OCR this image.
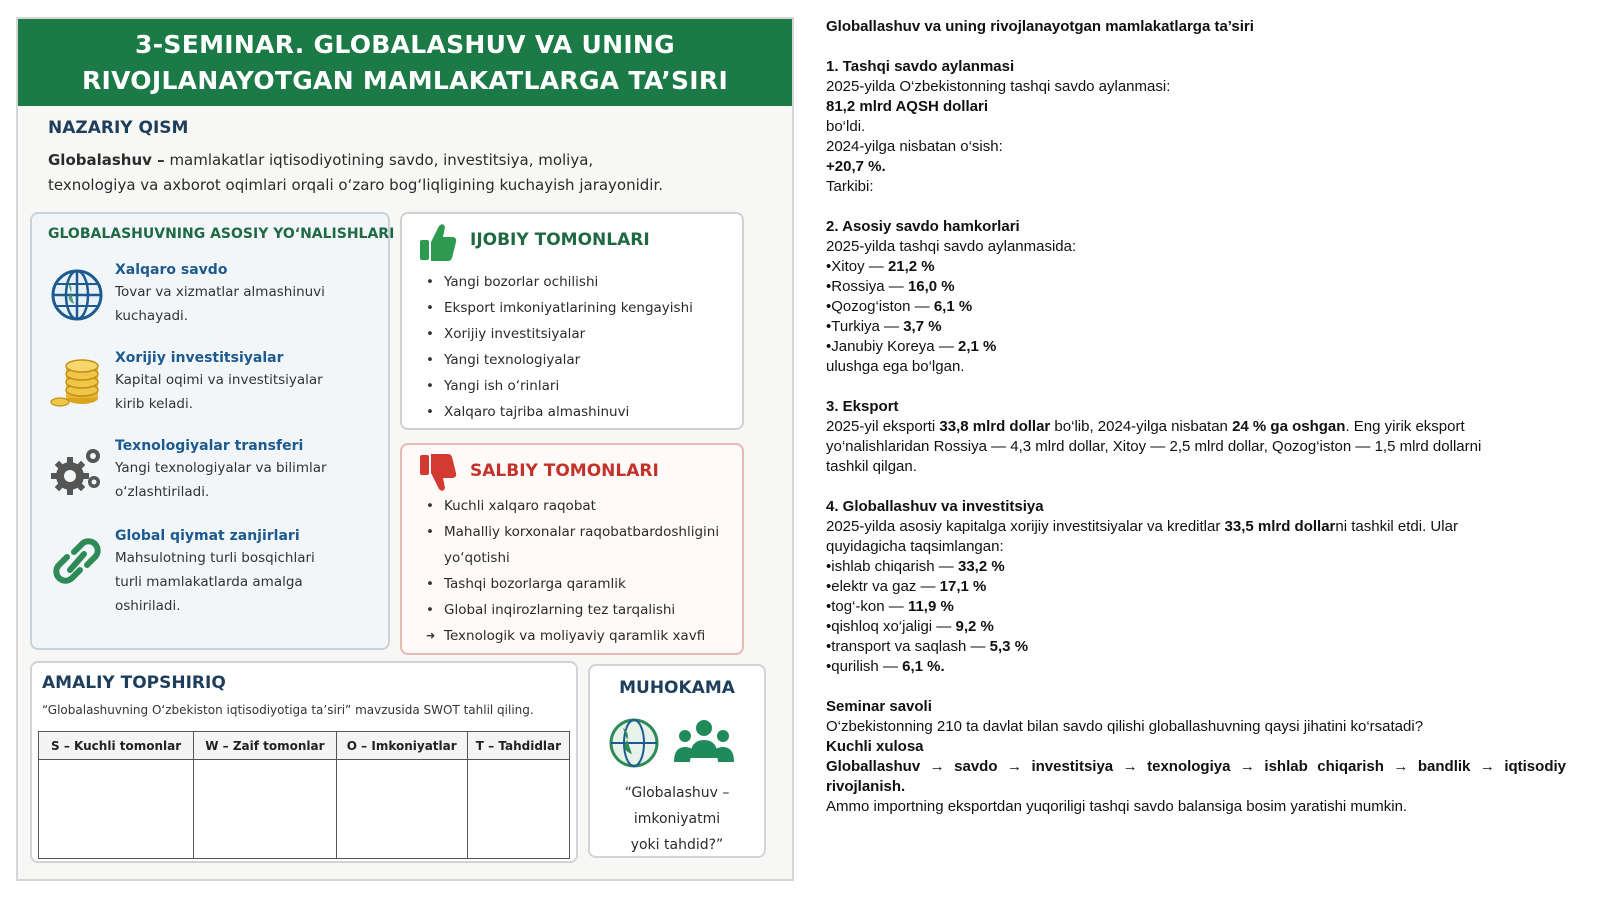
3-SEMINAR. GLOBALASHUV VA UNING
RIVOJLANAYOTGAN MAMLAKATLARGA TA’SIRI
NAZARIY QISM
Globalashuv – mamlakatlar iqtisodiyotining savdo, investitsiya, moliya,
texnologiya va axborot oqimlari orqali o‘zaro bog‘liqligining kuchayish jarayonidir.
GLOBALASHUVNING ASOSIY YO‘NALISHLARI
Xalqaro savdo
Tovar va xizmatlar almashinuvi
kuchayadi.
Xorijiy investitsiyalar
Kapital oqimi va investitsiyalar
kirib keladi.
Texnologiyalar transferi
Yangi texnologiyalar va bilimlar
o‘zlashtiriladi.
Global qiymat zanjirlari
Mahsulotning turli bosqichlari
turli mamlakatlarda amalga
oshiriladi.
IJOBIY TOMONLARI
• Yangi bozorlar ochilishi
• Eksport imkoniyatlarining kengayishi
• Xorijiy investitsiyalar
• Yangi texnologiyalar
• Yangi ish o‘rinlari
• Xalqaro tajriba almashinuvi
SALBIY TOMONLARI
• Kuchli xalqaro raqobat
• Mahalliy korxonalar raqobatbardoshligini
yo‘qotishi
• Tashqi bozorlarga qaramlik
• Global inqirozlarning tez tarqalishi
➜ Texnologik va moliyaviy qaramlik xavfi
AMALIY TOPSHIRIQ
“Globalashuvning O‘zbekiston iqtisodiyotiga ta’siri” mavzusida SWOT tahlil qiling.
S – Kuchli tomonlar	W – Zaif tomonlar	O – Imkoniyatlar	T – Tahdidlar

MUHOKAMA
“Globalashuv –
imkoniyatmi
yoki tahdid?”

Globallashuv va uning rivojlanayotgan mamlakatlarga ta’siri

1. Tashqi savdo aylanmasi

2025-yilda O‘zbekistonning tashqi savdo aylanmasi:

81,2 mlrd AQSH dollari

bo‘ldi.

2024-yilga nisbatan o‘sish:

+20,7 %.

Tarkibi:

2. Asosiy savdo hamkorlari

2025-yilda tashqi savdo aylanmasida:

•Xitoy — 21,2 %

•Rossiya — 16,0 %

•Qozog‘iston — 6,1 %

•Turkiya — 3,7 %

•Janubiy Koreya — 2,1 %

ulushga ega bo‘lgan.

3. Eksport

2025-yil eksporti 33,8 mlrd dollar bo‘lib, 2024-yilga nisbatan 24 % ga oshgan. Eng yirik eksport

yo‘nalishlaridan Rossiya — 4,3 mlrd dollar, Xitoy — 2,5 mlrd dollar, Qozog‘iston — 1,5 mlrd dollarni

tashkil qilgan.

4. Globallashuv va investitsiya

2025-yilda asosiy kapitalga xorijiy investitsiyalar va kreditlar 33,5 mlrd dollarni tashkil etdi. Ular

quyidagicha taqsimlangan:

•ishlab chiqarish — 33,2 %

•elektr va gaz — 17,1 %

•tog‘-kon — 11,9 %

•qishloq xo‘jaligi — 9,2 %

•transport va saqlash — 5,3 %

•qurilish — 6,1 %.

Seminar savoli

O‘zbekistonning 210 ta davlat bilan savdo qilishi globallashuvning qaysi jihatini ko‘rsatadi?

Kuchli xulosa

Globallashuv → savdo → investitsiya → texnologiya → ishlab chiqarish → bandlik → iqtisodiy rivojlanish.

Ammo importning eksportdan yuqoriligi tashqi savdo balansiga bosim yaratishi mumkin.
